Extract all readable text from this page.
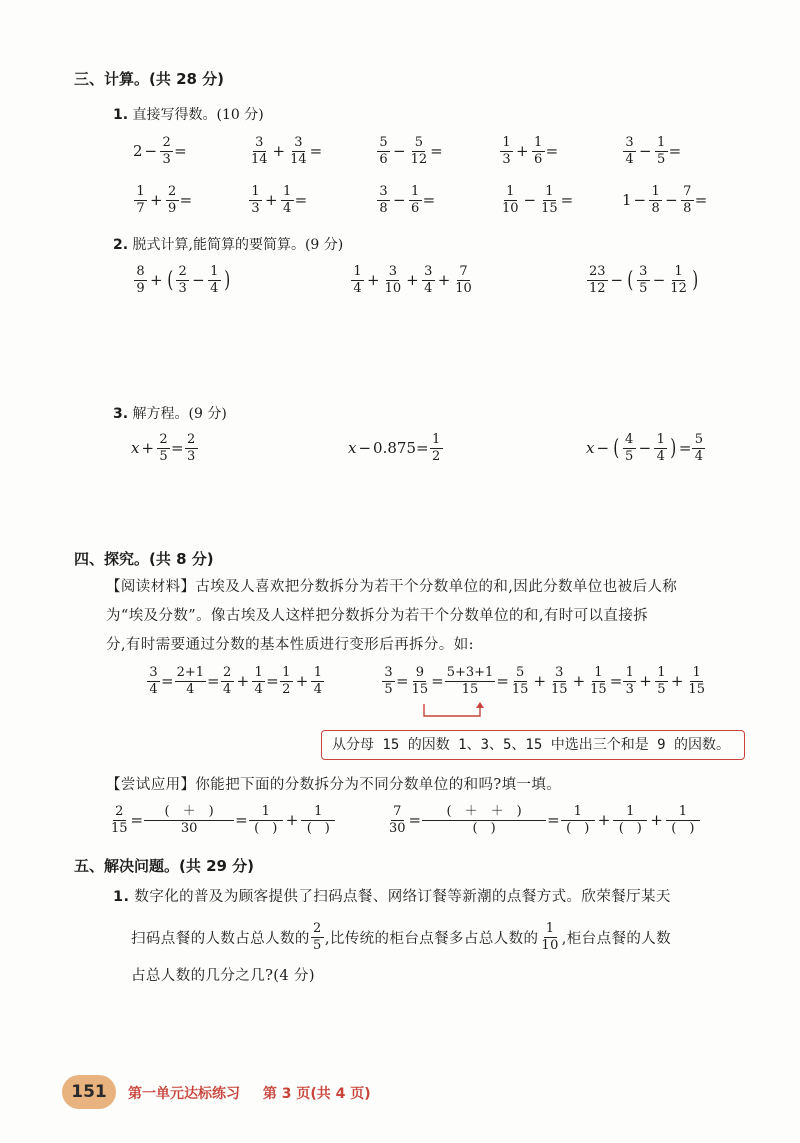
三、计算。(共 28 分)
1. 直接写得数。(10 分)
$2 - \frac{2}{3}$ =	$\frac{3}{14} + \frac{3}{14}$ =	$\frac{5}{6} - \frac{5}{12}$ =	$\frac{1}{3} + \frac{1}{6}$ =	$\frac{3}{4} - \frac{1}{5}$ =
$\frac{1}{7} + \frac{2}{9}$ =	$\frac{1}{3} + \frac{1}{4}$ =	$\frac{3}{8} - \frac{1}{6}$ =	$\frac{1}{10} - \frac{1}{15}$ =	$1 - \frac{1}{8} - \frac{7}{8}$ =
2. 脱式计算,能简算的要简算。(9 分)
$\frac{8}{9}$ + ( $\frac{2}{3} - \frac{1}{4}$ )	$\frac{1}{4} + \frac{3}{10} + \frac{3}{4} + \frac{7}{10}$	$\frac{23}{12}$ − ( $\frac{3}{5} - \frac{1}{12}$ )
3. 解方程。(9 分)
$x + \frac{2}{5} = \frac{2}{3}$	$x - 0.875 = \frac{1}{2}$	x − ( $\frac{4}{5} - \frac{1}{4}$ ) = $\frac{5}{4}$
四、探究。(共 8 分)
【阅读材料】古埃及人喜欢把分数拆分为若干个分数单位的和,因此分数单位也被后人称
为“埃及分数”。像古埃及人这样把分数拆分为若干个分数单位的和,有时可以直接拆
分,有时需要通过分数的基本性质进行变形后再拆分。如:
$\frac{3}{4} = \frac{2+1}{4} = \frac{2}{4} + \frac{1}{4} = \frac{1}{2} + \frac{1}{4}$	$\frac{3}{5} = \frac{9}{15} = \frac{5+3+1}{15} = \frac{5}{15} + \frac{3}{15} + \frac{1}{15} = \frac{1}{3} + \frac{1}{5} + \frac{1}{15}$
从分母 15 的因数 1、3、5、15 中选出三个和是 9 的因数。
【尝试应用】你能把下面的分数拆分为不同分数单位的和吗?填一填。
$\frac{2}{15} = \frac{( + )}{30} = \frac{1}{( )} + \frac{1}{( )}$	$\frac{7}{30} = \frac{( + + )}{( )} = \frac{1}{( )} + \frac{1}{( )} + \frac{1}{( )}$
五、解决问题。(共 29 分)
1. 数字化的普及为顾客提供了扫码点餐、网络订餐等新潮的点餐方式。欣荣餐厅某天
扫码点餐的人数占总人数的 $\frac{2}{5}$ ,比传统的柜台点餐多占总人数的 $\frac{1}{10}$ ,柜台点餐的人数
占总人数的几分之几?(4 分)
151	第一单元达标练习 第 3 页(共 4 页)
